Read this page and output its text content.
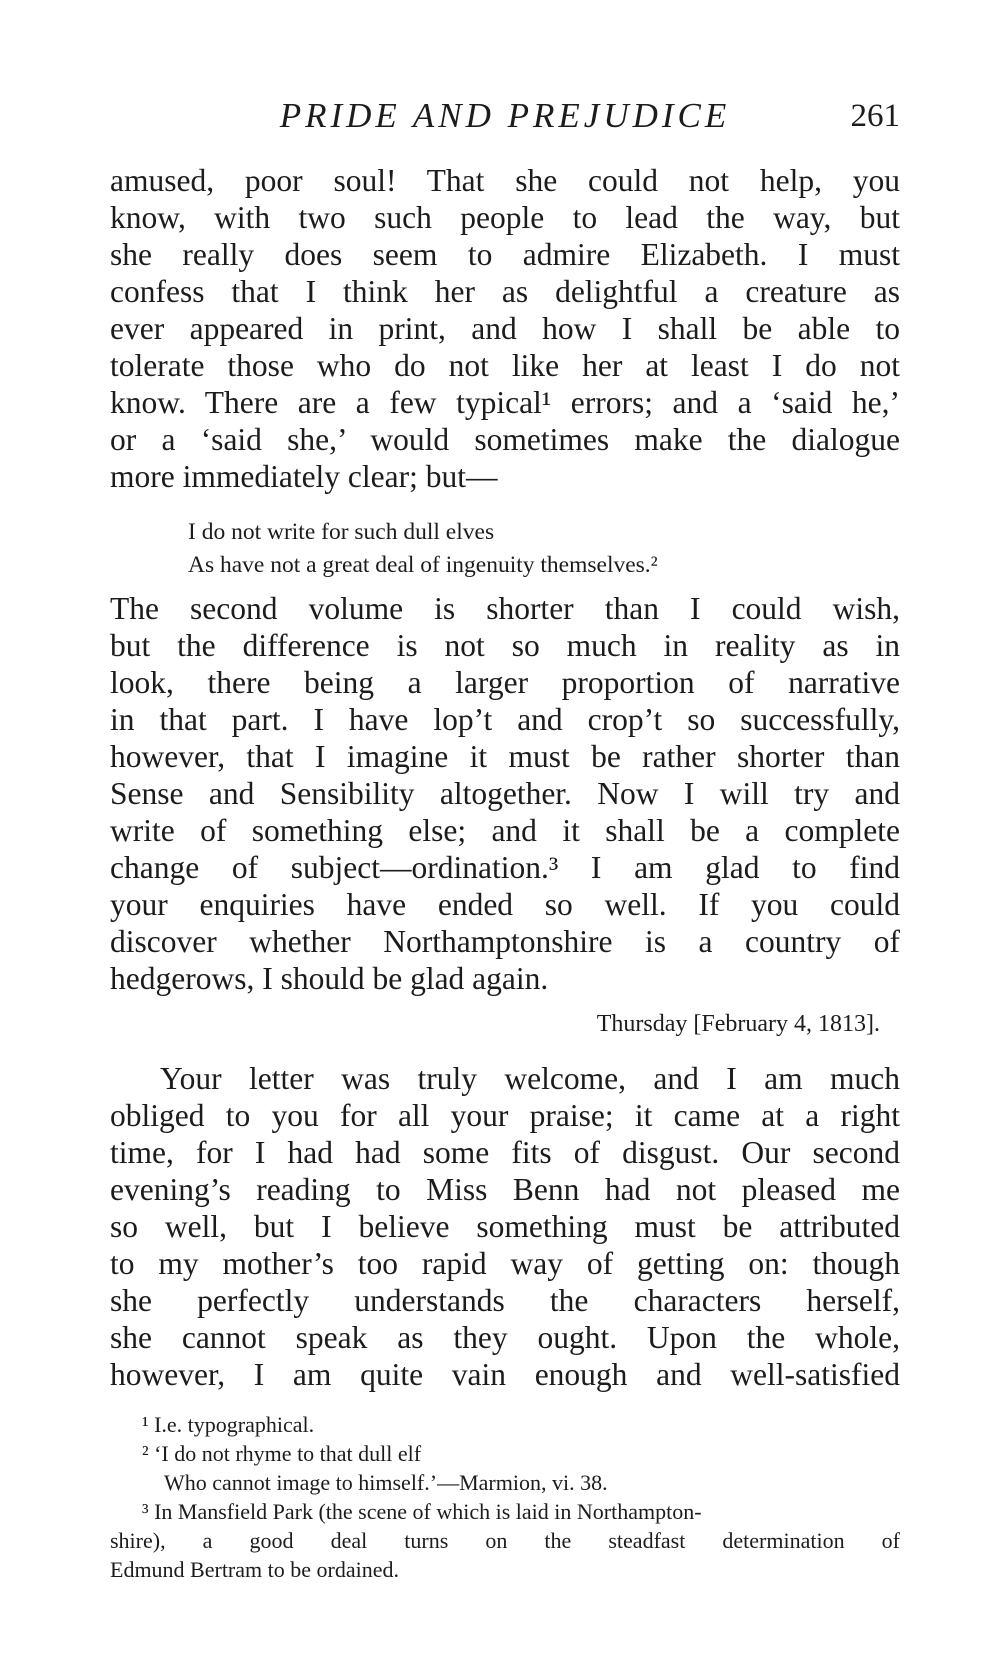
PRIDE AND PREJUDICE	261
amused, poor soul! That she could not help, you
know, with two such people to lead the way, but
she really does seem to admire Elizabeth. I must
confess that I think her as delightful a creature as
ever appeared in print, and how I shall be able to
tolerate those who do not like her at least I do not
know. There are a few typical¹ errors; and a ‘said he,’
or a ‘said she,’ would sometimes make the dialogue
more immediately clear; but—
I do not write for such dull elves
As have not a great deal of ingenuity themselves.²
The second volume is shorter than I could wish,
but the difference is not so much in reality as in
look, there being a larger proportion of narrative
in that part. I have lop’t and crop’t so successfully,
however, that I imagine it must be rather shorter than
Sense and Sensibility altogether. Now I will try and
write of something else; and it shall be a complete
change of subject—ordination.³ I am glad to find
your enquiries have ended so well. If you could
discover whether Northamptonshire is a country of
hedgerows, I should be glad again.
Thursday [February 4, 1813].
Your letter was truly welcome, and I am much
obliged to you for all your praise; it came at a right
time, for I had had some fits of disgust. Our second
evening’s reading to Miss Benn had not pleased me
so well, but I believe something must be attributed
to my mother’s too rapid way of getting on: though
she perfectly understands the characters herself,
she cannot speak as they ought. Upon the whole,
however, I am quite vain enough and well-satisfied
¹ I.e. typographical.
² ‘I do not rhyme to that dull elf
Who cannot image to himself.’—Marmion, vi. 38.
³ In Mansfield Park (the scene of which is laid in Northampton-
shire), a good deal turns on the steadfast determination of
Edmund Bertram to be ordained.
